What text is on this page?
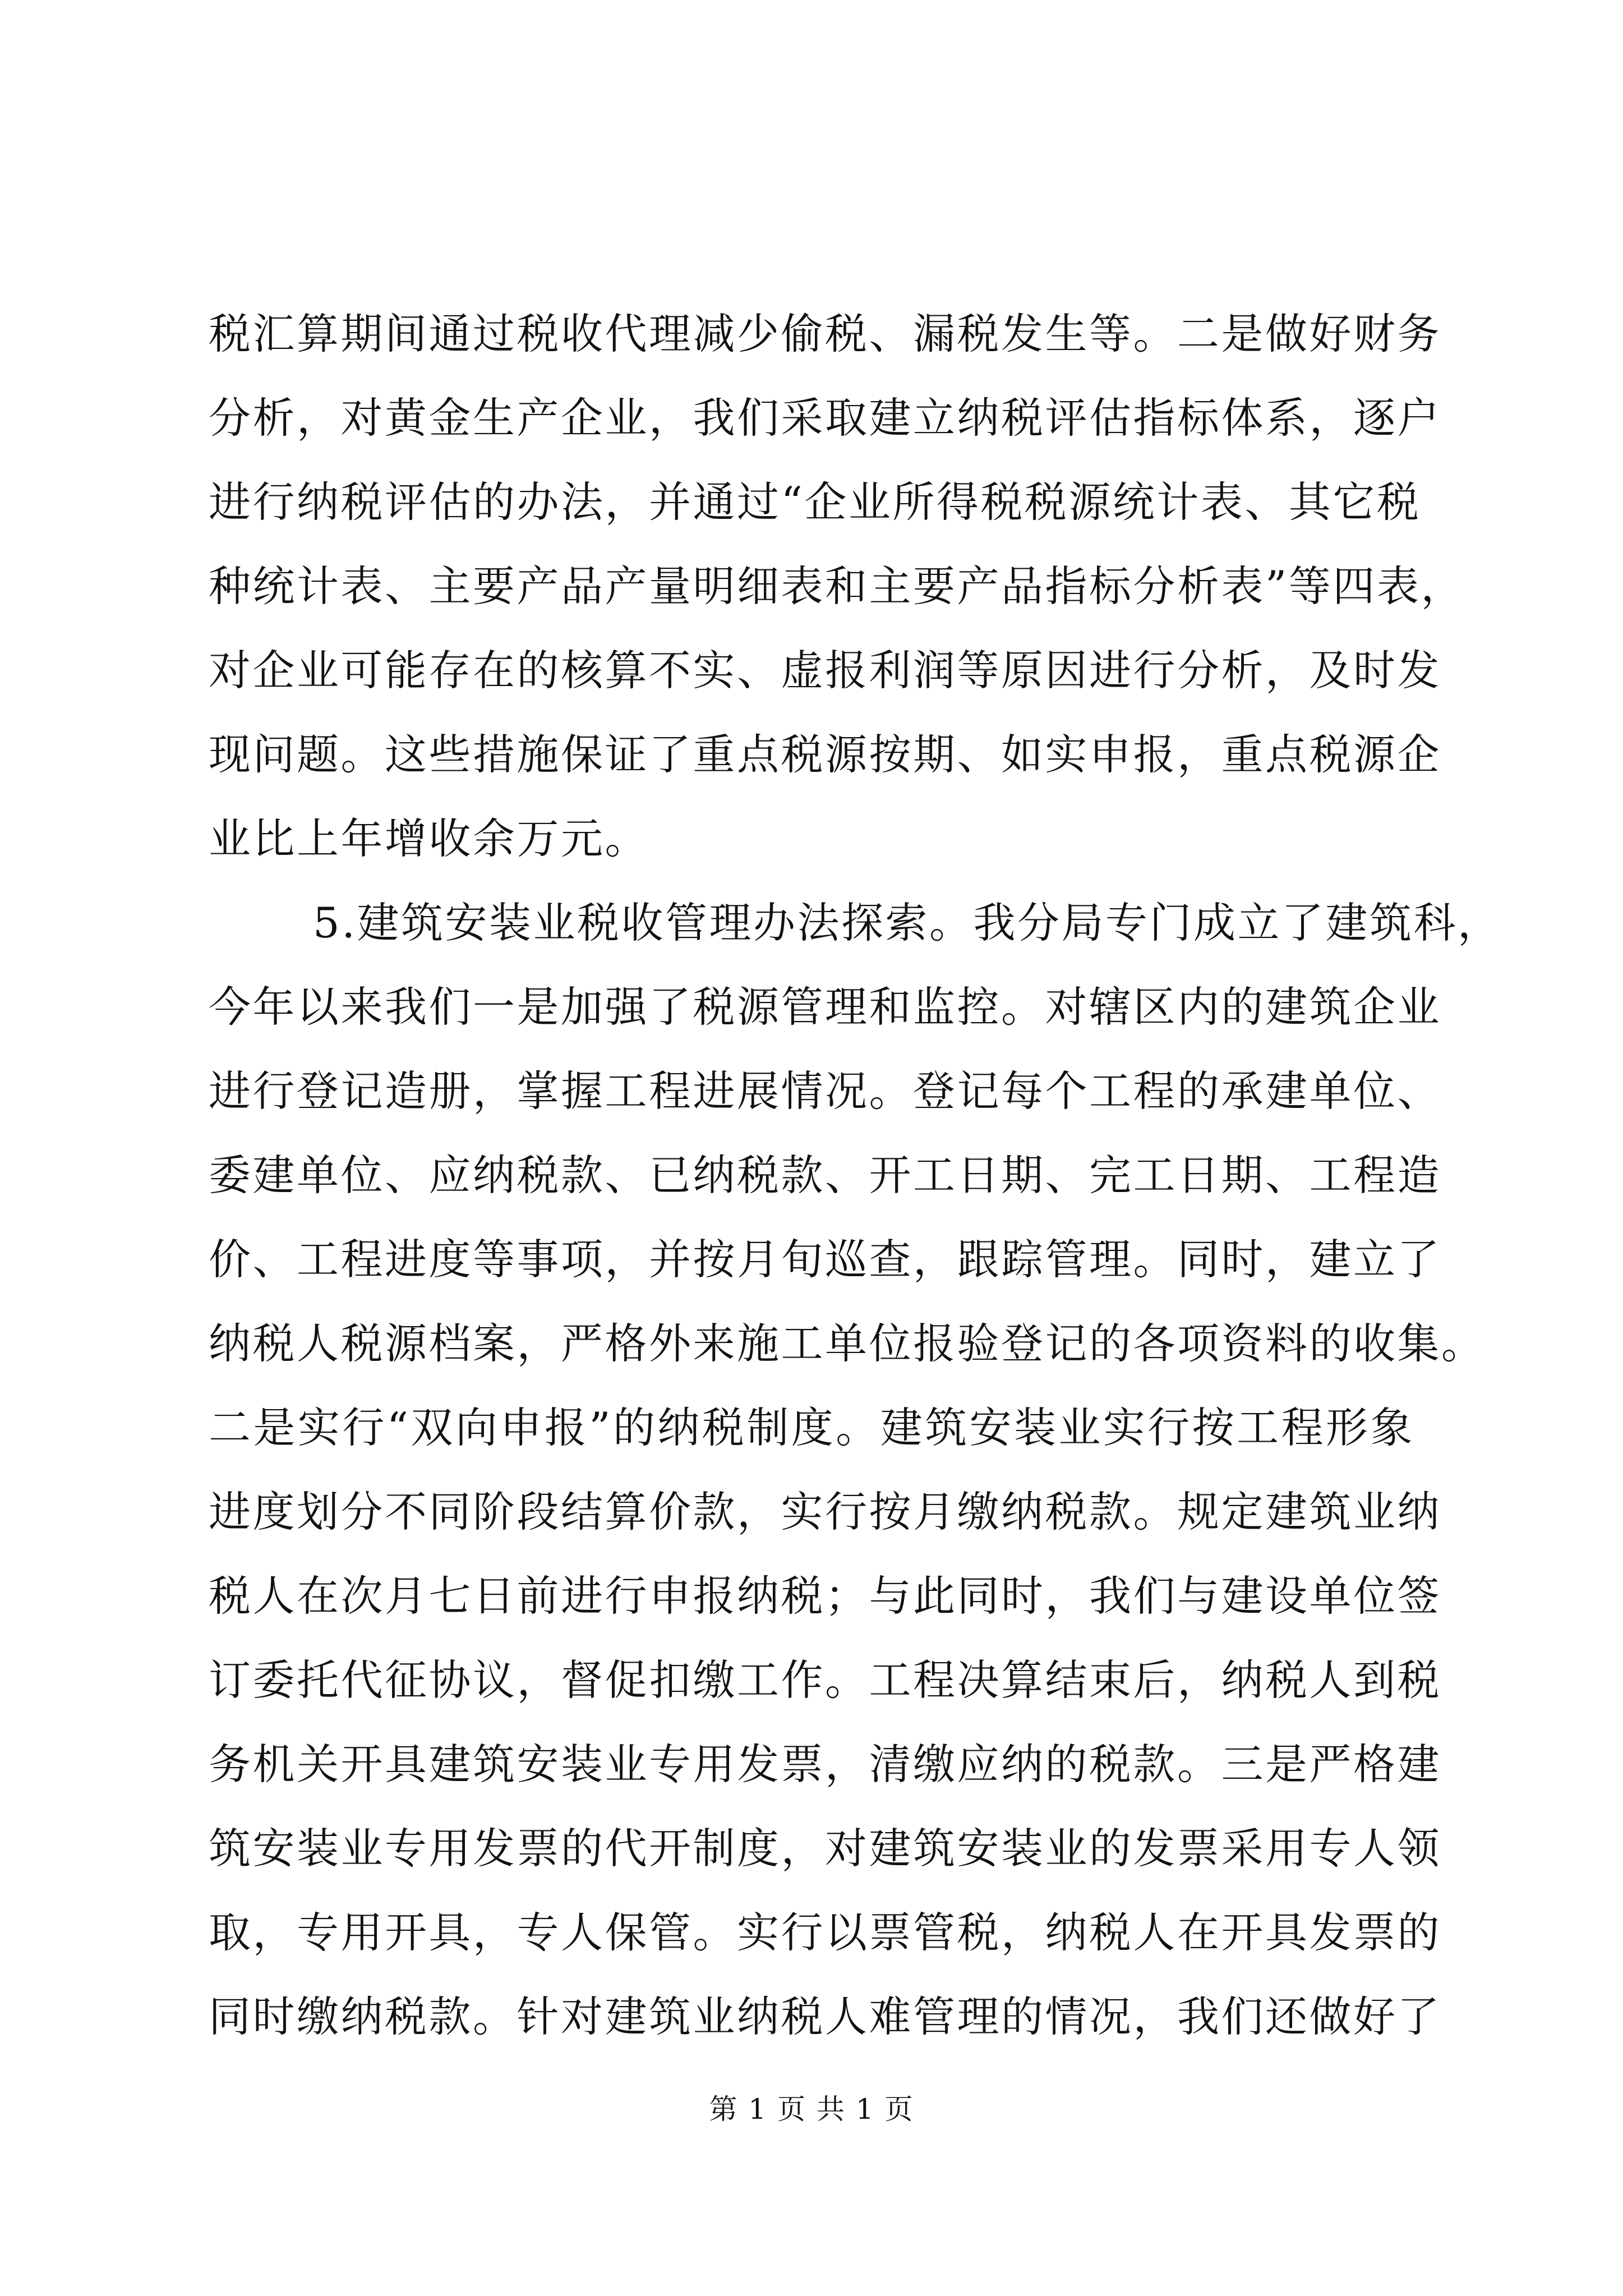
税汇算期间通过税收代理减少偷税、漏税发生等。二是做好财务
分析，对黄金生产企业，我们采取建立纳税评估指标体系，逐户
进行纳税评估的办法，并通过“企业所得税税源统计表、其它税
种统计表、主要产品产量明细表和主要产品指标分析表”等四表，
对企业可能存在的核算不实、虚报利润等原因进行分析，及时发
现问题。这些措施保证了重点税源按期、如实申报，重点税源企
业比上年增收余万元。
5.建筑安装业税收管理办法探索。我分局专门成立了建筑科，
今年以来我们一是加强了税源管理和监控。对辖区内的建筑企业
进行登记造册，掌握工程进展情况。登记每个工程的承建单位、
委建单位、应纳税款、已纳税款、开工日期、完工日期、工程造
价、工程进度等事项，并按月旬巡查，跟踪管理。同时，建立了
纳税人税源档案，严格外来施工单位报验登记的各项资料的收集。
二是实行“双向申报”的纳税制度。建筑安装业实行按工程形象
进度划分不同阶段结算价款，实行按月缴纳税款。规定建筑业纳
税人在次月七日前进行申报纳税；与此同时，我们与建设单位签
订委托代征协议，督促扣缴工作。工程决算结束后，纳税人到税
务机关开具建筑安装业专用发票，清缴应纳的税款。三是严格建
筑安装业专用发票的代开制度，对建筑安装业的发票采用专人领
取，专用开具，专人保管。实行以票管税，纳税人在开具发票的
同时缴纳税款。针对建筑业纳税人难管理的情况，我们还做好了
第 1 页 共 1 页
